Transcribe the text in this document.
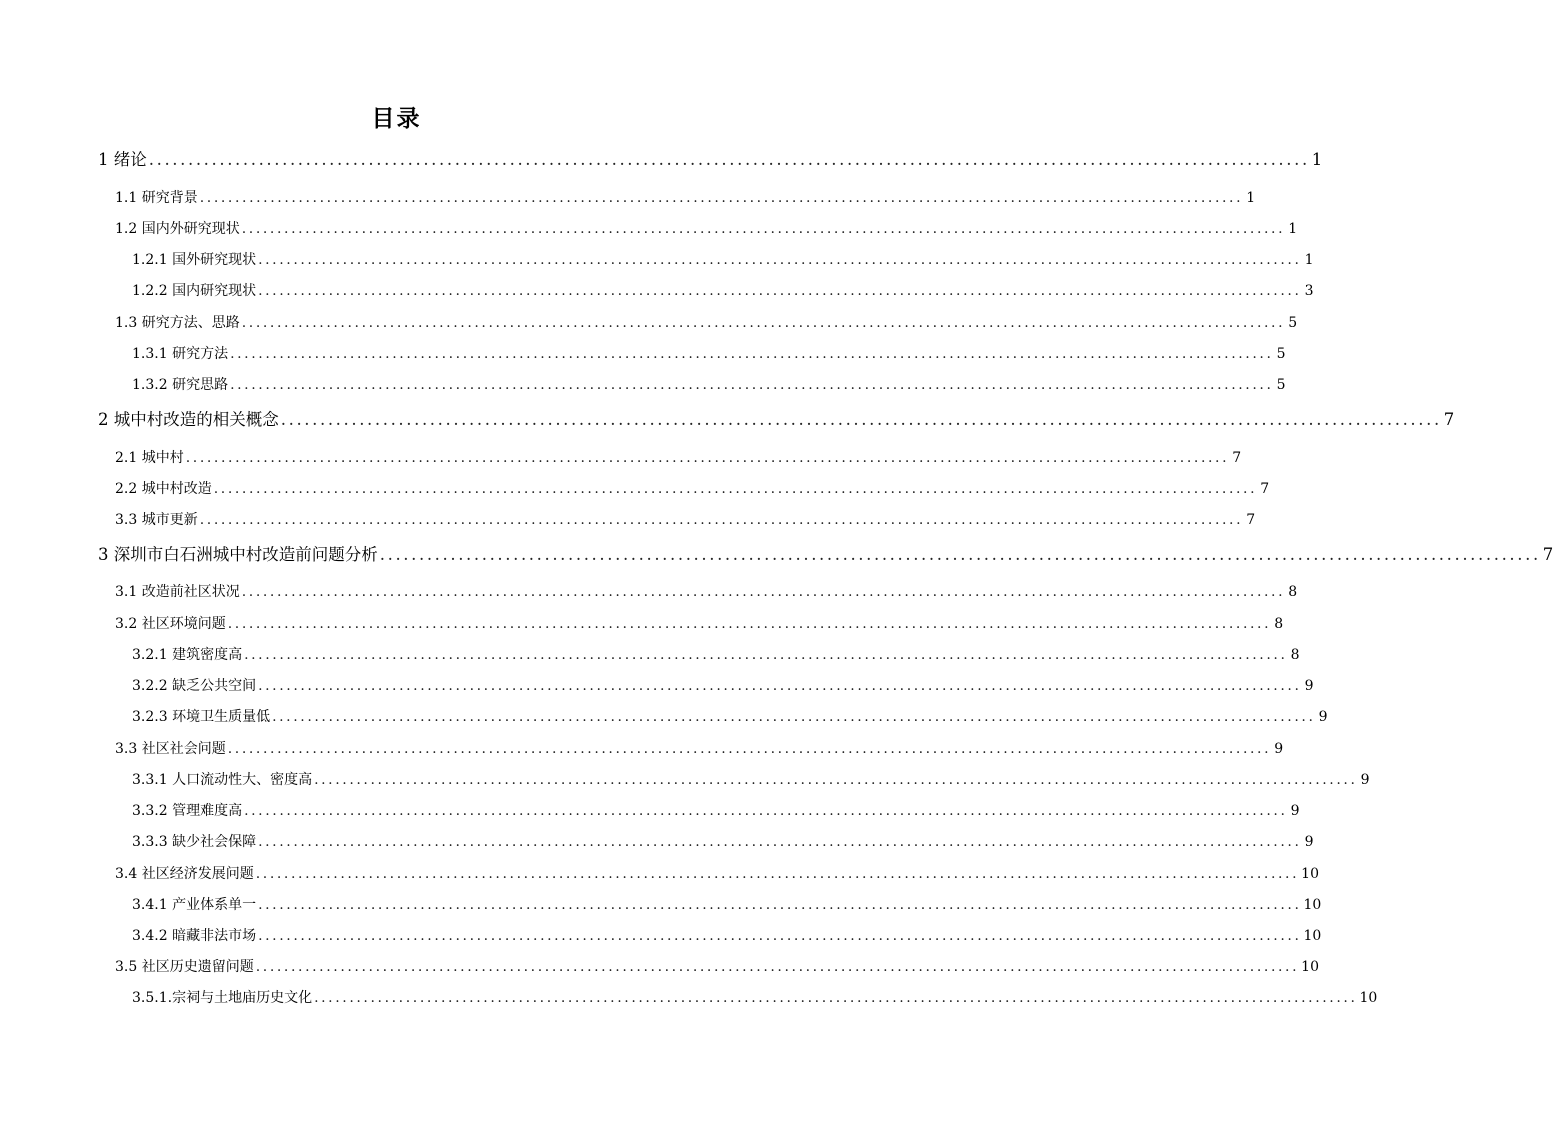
目录
1 绪论 .................................................................................................................................................... 1
1.1 研究背景 .................................................................................................................................................... 1
1.2 国内外研究现状 .................................................................................................................................................... 1
1.2.1 国外研究现状 .................................................................................................................................................... 1
1.2.2 国内研究现状 .................................................................................................................................................... 3
1.3 研究方法、思路 .................................................................................................................................................... 5
1.3.1 研究方法 .................................................................................................................................................... 5
1.3.2 研究思路 .................................................................................................................................................... 5
2 城中村改造的相关概念 .................................................................................................................................................... 7
2.1 城中村 .................................................................................................................................................... 7
2.2 城中村改造 .................................................................................................................................................... 7
3.3 城市更新 .................................................................................................................................................... 7
3 深圳市白石洲城中村改造前问题分析 .................................................................................................................................................... 7
3.1 改造前社区状况 .................................................................................................................................................... 8
3.2 社区环境问题 .................................................................................................................................................... 8
3.2.1 建筑密度高 .................................................................................................................................................... 8
3.2.2 缺乏公共空间 .................................................................................................................................................... 9
3.2.3 环境卫生质量低 .................................................................................................................................................... 9
3.3 社区社会问题 .................................................................................................................................................... 9
3.3.1 人口流动性大、密度高 .................................................................................................................................................... 9
3.3.2 管理难度高 .................................................................................................................................................... 9
3.3.3 缺少社会保障 .................................................................................................................................................... 9
3.4 社区经济发展问题 .................................................................................................................................................... 10
3.4.1 产业体系单一 .................................................................................................................................................... 10
3.4.2 暗藏非法市场 .................................................................................................................................................... 10
3.5 社区历史遗留问题 .................................................................................................................................................... 10
3.5.1.宗祠与土地庙历史文化 .................................................................................................................................................... 10
